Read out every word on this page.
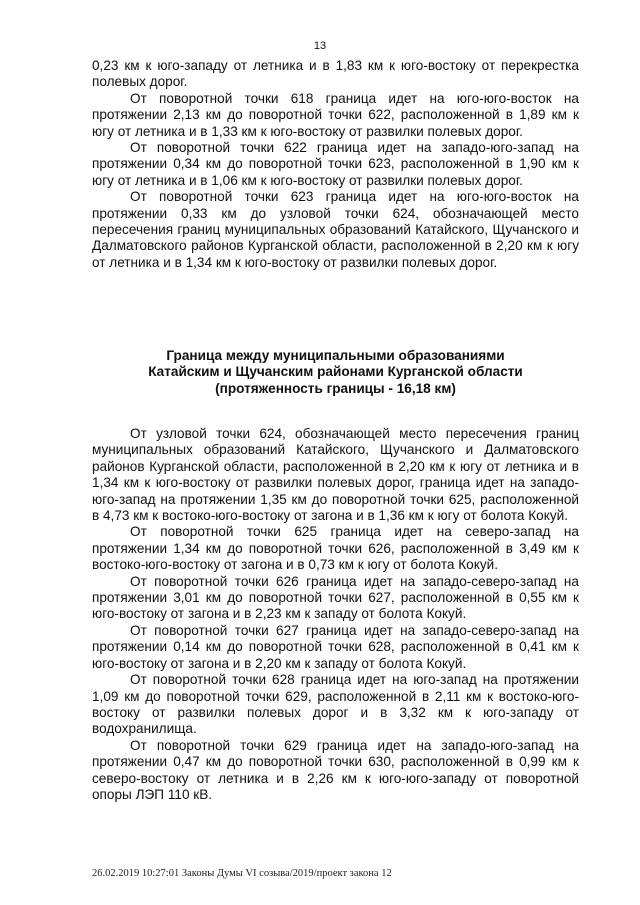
13

0,23 км к юго-западу от летника и в 1,83 км к юго-востоку от перекрестка полевых дорог.

От поворотной точки 618 граница идет на юго-юго-восток на протяжении 2,13 км до поворотной точки 622, расположенной в 1,89 км к югу от летника и в 1,33 км к юго-востоку от развилки полевых дорог.

От поворотной точки 622 граница идет на западо-юго-запад на протяжении 0,34 км до поворотной точки 623, расположенной в 1,90 км к югу от летника и в 1,06 км к юго-востоку от развилки полевых дорог.

От поворотной точки 623 граница идет на юго-юго-восток на протяжении 0,33 км до узловой точки 624, обозначающей место пересечения границ муниципальных образований Катайского, Щучанского и Далматовского районов Курганской области, расположенной в 2,20 км к югу от летника и в 1,34 км к юго-востоку от развилки полевых дорог.

Граница между муниципальными образованиями
Катайским и Щучанским районами Курганской области
(протяженность границы - 16,18 км)

От узловой точки 624, обозначающей место пересечения границ муниципальных образований Катайского, Щучанского и Далматовского районов Курганской области, расположенной в 2,20 км к югу от летника и в 1,34 км к юго-востоку от развилки полевых дорог, граница идет на западо-юго-запад на протяжении 1,35 км до поворотной точки 625, расположенной в 4,73 км к востоко-юго-востоку от загона и в 1,36 км к югу от болота Кокуй.

От поворотной точки 625 граница идет на северо-запад на протяжении 1,34 км до поворотной точки 626, расположенной в 3,49 км к востоко-юго-востоку от загона и в 0,73 км к югу от болота Кокуй.

От поворотной точки 626 граница идет на западо-северо-запад на протяжении 3,01 км до поворотной точки 627, расположенной в 0,55 км к юго-востоку от загона и в 2,23 км к западу от болота Кокуй.

От поворотной точки 627 граница идет на западо-северо-запад на протяжении 0,14 км до поворотной точки 628, расположенной в 0,41 км к юго-востоку от загона и в 2,20 км к западу от болота Кокуй.

От поворотной точки 628 граница идет на юго-запад на протяжении 1,09 км до поворотной точки 629, расположенной в 2,11 км к востоко-юго-востоку от развилки полевых дорог и в 3,32 км к юго-западу от водохранилища.

От поворотной точки 629 граница идет на западо-юго-запад на протяжении 0,47 км до поворотной точки 630, расположенной в 0,99 км к северо-востоку от летника и в 2,26 км к юго-юго-западу от поворотной опоры ЛЭП 110 кВ.

26.02.2019 10:27:01 Законы Думы VI созыва/2019/проект закона 12
